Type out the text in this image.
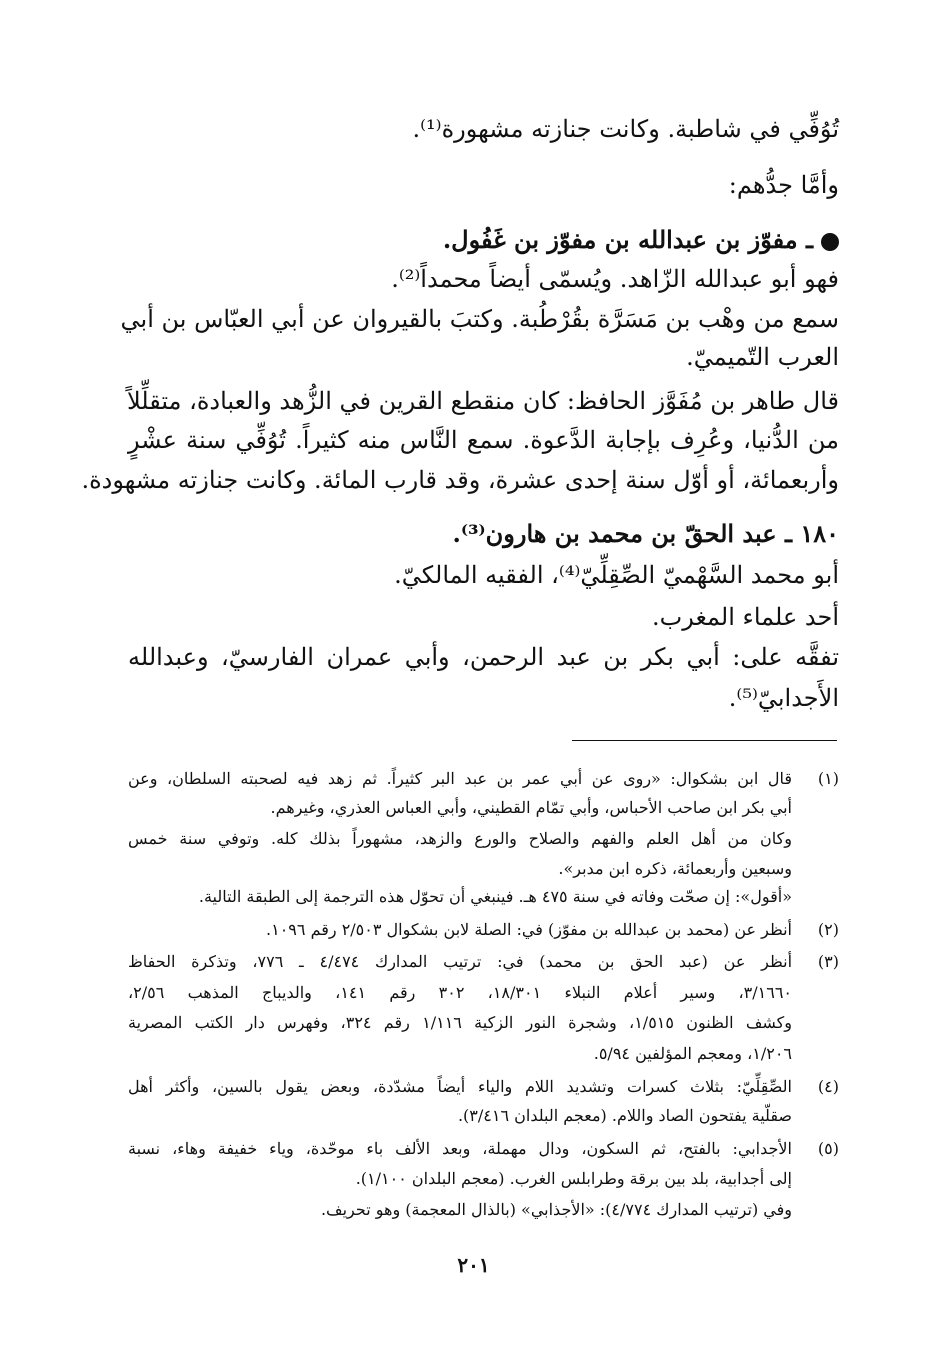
تُوُفِّي في شاطبة. وكانت جنازته مشهورة⁽¹⁾.
وأمَّا جدُّهم:
ـ مفوّز بن عبدالله بن مفوّز بن غَفُول.
فهو أبو عبدالله الزّاهد. ويُسمّى أيضاً محمداً⁽²⁾.
سمع من وهْب بن مَسَرَّة بقُرْطُبة. وكتبَ بالقيروان عن أبي العبّاس بن أبي
العرب التّميميّ.
قال طاهر بن مُفَوَّز الحافظ: كان منقطع القرين في الزُّهد والعبادة، متقلِّلاً
من الدُّنيا، وعُرِف بإجابة الدَّعوة. سمع النَّاس منه كثيراً. تُوُفِّي سنة عشْرٍ
وأربعمائة، أو أوّل سنة إحدى عشرة، وقد قارب المائة. وكانت جنازته مشهودة.
١٨٠ ـ عبد الحقّ بن محمد بن هارون⁽³⁾.
أبو محمد السَّهْميّ الصِّقِلِّيّ⁽⁴⁾، الفقيه المالكيّ.
أحد علماء المغرب.
تفقَّه على: أبي بكر بن عبد الرحمن، وأبي عمران الفارسيّ، وعبدالله
الأَجدابيّ⁽⁵⁾.
(١)
قال ابن بشكوال: «روى عن أبي عمر بن عبد البر كثيراً. ثم زهد فيه لصحبته السلطان، وعن
أبي بكر ابن صاحب الأحباس، وأبي تمّام القطيني، وأبي العباس العذري، وغيرهم.
وكان من أهل العلم والفهم والصلاح والورع والزهد، مشهوراً بذلك كله. وتوفي سنة خمس
وسبعين وأربعمائة، ذكره ابن مدبر».
«أقول»: إن صحّت وفاته في سنة ٤٧٥ هـ. فينبغي أن تحوّل هذه الترجمة إلى الطبقة التالية.
(٢)
أنظر عن (محمد بن عبدالله بن مفوّز) في: الصلة لابن بشكوال ٢/٥٠٣ رقم ١٠٩٦.
(٣)
أنظر عن (عبد الحق بن محمد) في: ترتيب المدارك ٤/٤٧٤ ـ ٧٧٦، وتذكرة الحفاظ
٣/١٦٦٠، وسير أعلام النبلاء ١٨/٣٠١، ٣٠٢ رقم ١٤١، والديباج المذهب ٢/٥٦،
وكشف الظنون ١/٥١٥، وشجرة النور الزكية ١/١١٦ رقم ٣٢٤، وفهرس دار الكتب المصرية
١/٢٠٦، ومعجم المؤلفين ٥/٩٤.
(٤)
الصِّقِلِّيّ: بثلاث كسرات وتشديد اللام والياء أيضاً مشدّدة، وبعض يقول بالسين، وأكثر أهل
صقلّية يفتحون الصاد واللام. (معجم البلدان ٣/٤١٦).
(٥)
الأجدابي: بالفتح، ثم السكون، ودال مهملة، وبعد الألف باء موحّدة، وياء خفيفة وهاء، نسبة
إلى أجدابية، بلد بين برقة وطرابلس الغرب. (معجم البلدان ١/١٠٠).
وفي (ترتيب المدارك ٤/٧٧٤): «الأجذابي» (بالذال المعجمة) وهو تحريف.
٢٠١
